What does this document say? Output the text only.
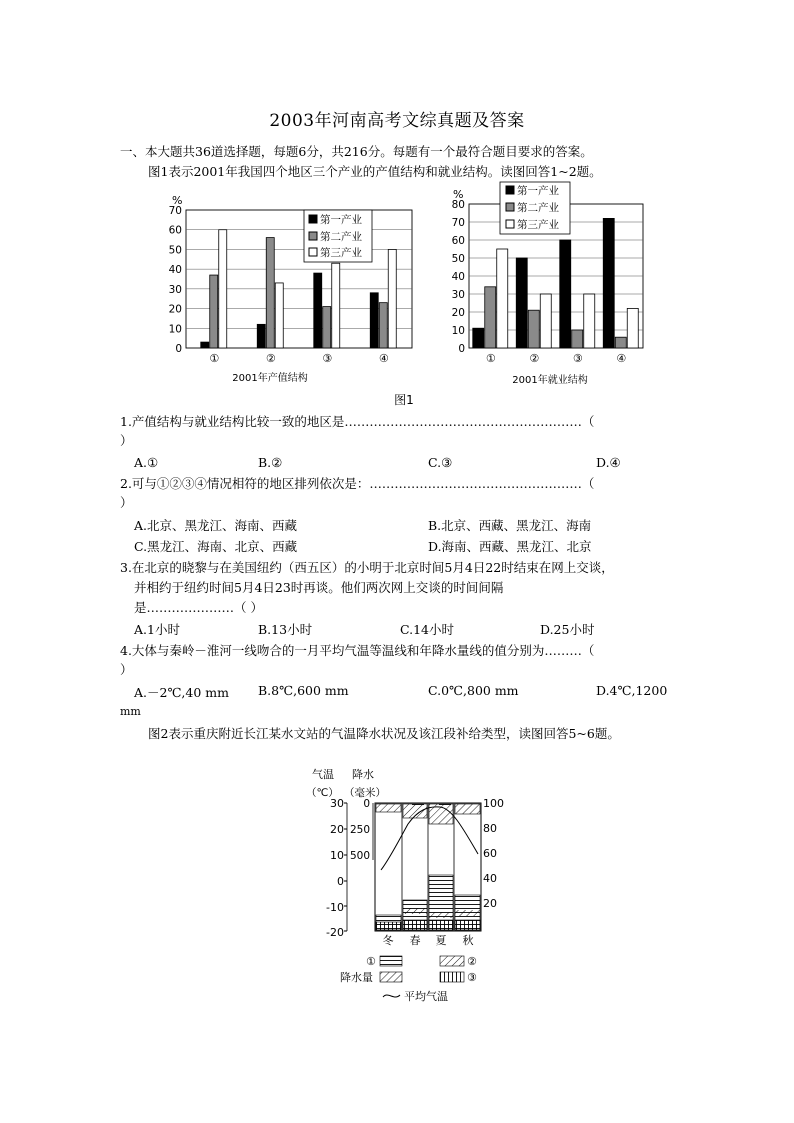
2003年河南高考文综真题及答案
一、本大题共36道选择题，每题6分，共216分。每题有一个最符合题目要求的答案。
图1表示2001年我国四个地区三个产业的产值结构和就业结构。读图回答1~2题。
%
0
10
20
30
40
50
60
70
①	②	③	④
2001年产值结构
第一产业
第二产业
第三产业
%
0
10
20
30
40
50
60
70
80
①	②	③	④
2001年就业结构
第一产业
第二产业
第三产业
图1
1.产值结构与就业结构比较一致的地区是…………………………………………………（
）
A.①	B.②	C.③	D.④
2.可与①②③④情况相符的地区排列依次是：……………………………………………（
）
A.北京、黑龙江、海南、西藏	B.北京、西藏、黑龙江、海南
C.黑龙江、海南、北京、西藏	D.海南、西藏、黑龙江、北京
3.在北京的晓黎与在美国纽约（西五区）的小明于北京时间5月4日22时结束在网上交谈，
并相约于纽约时间5月4日23时再谈。他们两次网上交谈的时间间隔
是…………………（ ）
A.1小时	B.13小时	C.14小时	D.25小时
4.大体与秦岭－淮河一线吻合的一月平均气温等温线和年降水量线的值分别为………（
）
A.－2℃,40 mm B.8℃,600 mm	C.0℃,800 mm	D.4℃,1200
mm
图2表示重庆附近长江某水文站的气温降水状况及该江段补给类型，读图回答5~6题。
气温 降水
（℃） （毫米）
30
20
10
0
-10
-20
0
250
500
100
80
60
40
20
冬 春 夏 秋
①
降水量
②
③
平均气温
